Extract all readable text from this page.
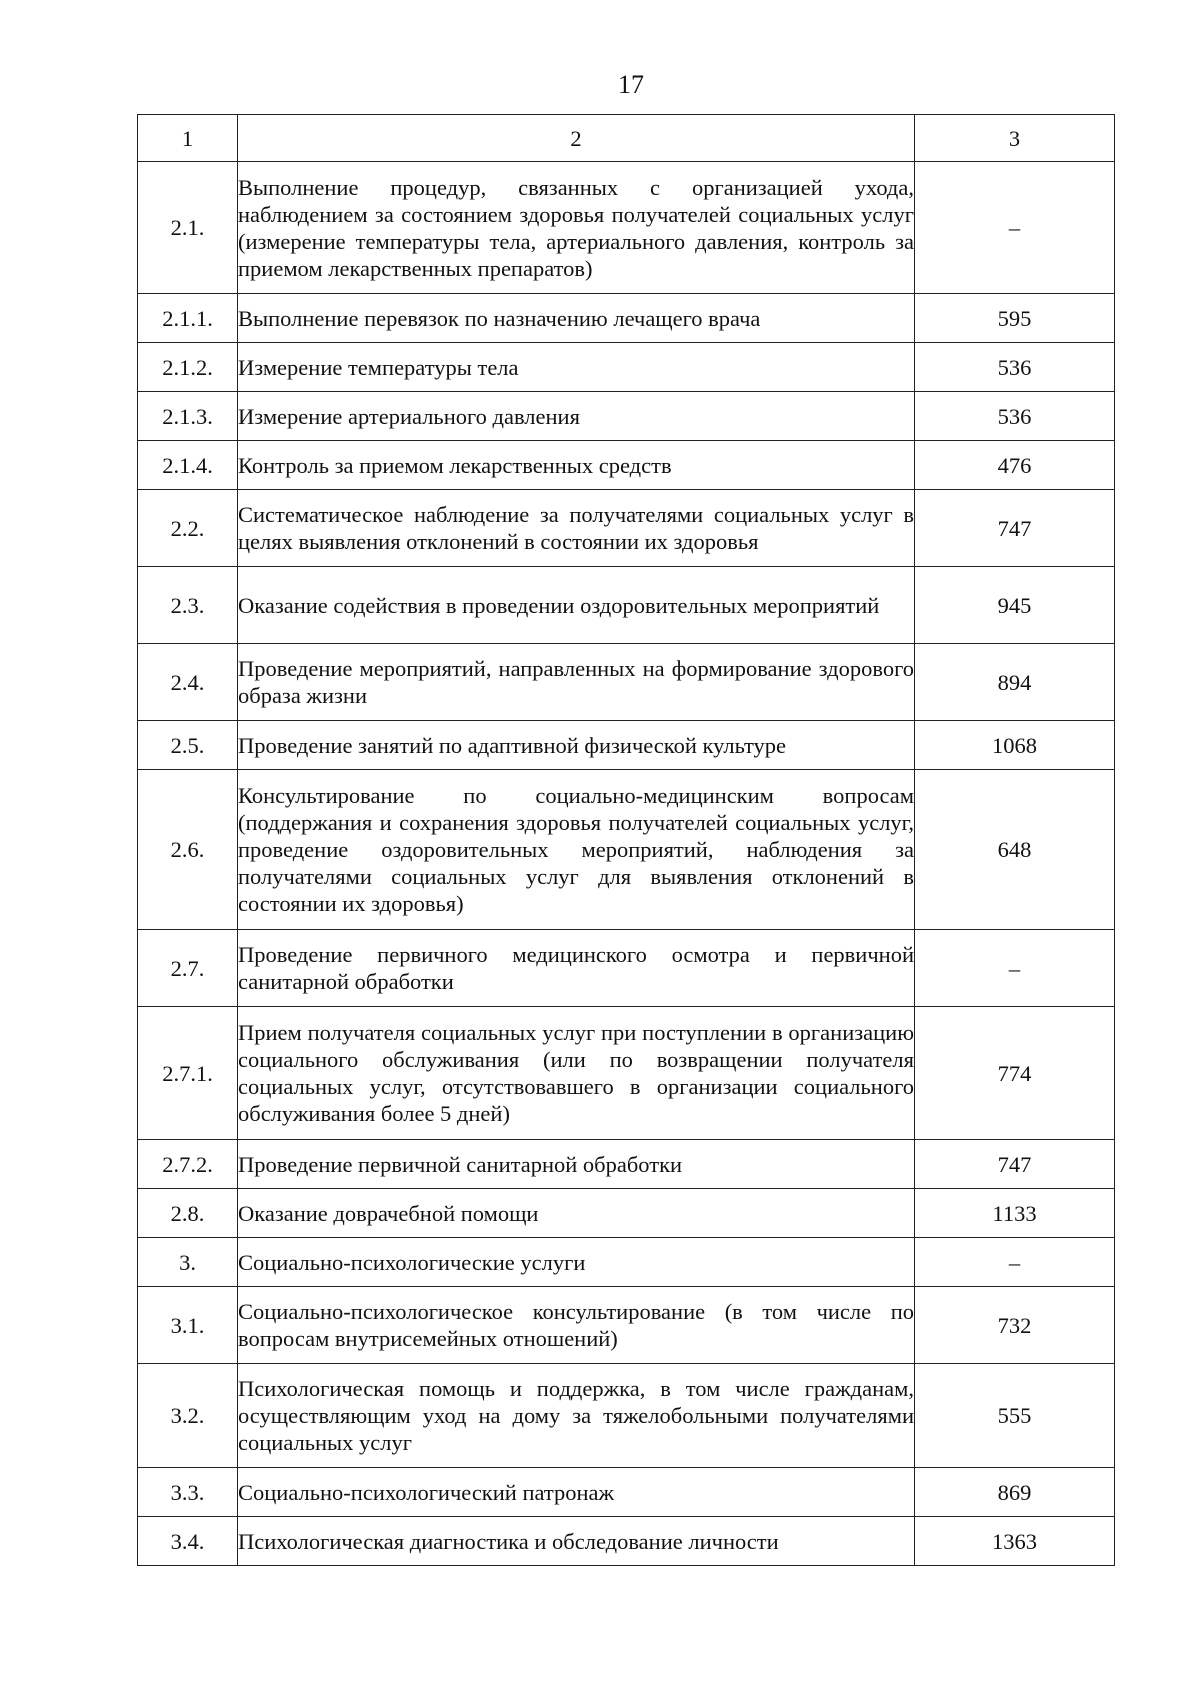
17
1	2	3
2.1.	Выполнение процедур, связанных с организацией ухода, наблюдением за состоянием здоровья получателей социальных услуг (измерение температуры тела, артериального давления, контроль за приемом лекарственных препаратов)	–
2.1.1.	Выполнение перевязок по назначению лечащего врача	595
2.1.2.	Измерение температуры тела	536
2.1.3.	Измерение артериального давления	536
2.1.4.	Контроль за приемом лекарственных средств	476
2.2.	Систематическое наблюдение за получателями социальных услуг в целях выявления отклонений в состоянии их здоровья	747
2.3.	Оказание содействия в проведении оздоровительных мероприятий	945
2.4.	Проведение мероприятий, направленных на формирование здорового образа жизни	894
2.5.	Проведение занятий по адаптивной физической культуре	1068
2.6.	Консультирование по социально-медицинским вопросам (поддержания и сохранения здоровья получателей социальных услуг, проведение оздоровительных мероприятий, наблюдения за получателями социальных услуг для выявления отклонений в состоянии их здоровья)	648
2.7.	Проведение первичного медицинского осмотра и первичной санитарной обработки	–
2.7.1.	Прием получателя социальных услуг при поступлении в организацию социального обслуживания (или по возвращении получателя социальных услуг, отсутствовавшего в организации социального обслуживания более 5 дней)	774
2.7.2.	Проведение первичной санитарной обработки	747
2.8.	Оказание доврачебной помощи	1133
3.	Социально-психологические услуги	–
3.1.	Социально-психологическое консультирование (в том числе по вопросам внутрисемейных отношений)	732
3.2.	Психологическая помощь и поддержка, в том числе гражданам, осуществляющим уход на дому за тяжелобольными получателями социальных услуг	555
3.3.	Социально-психологический патронаж	869
3.4.	Психологическая диагностика и обследование личности	1363
